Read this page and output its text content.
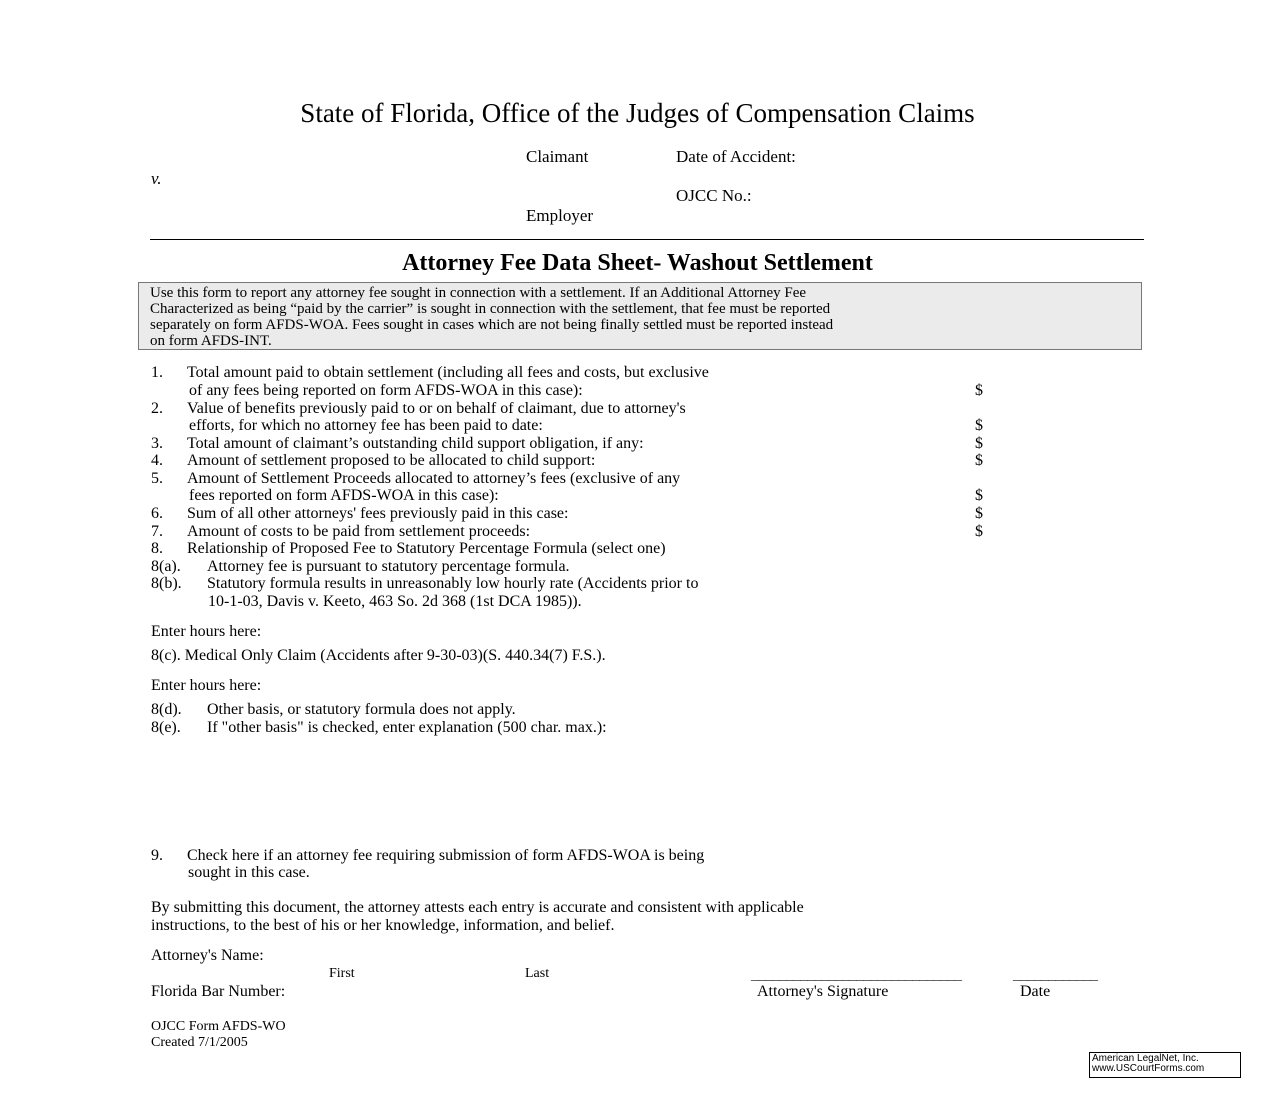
State of Florida, Office of the Judges of Compensation Claims
Claimant	Date of Accident:
v.
OJCC No.:
Employer
Attorney Fee Data Sheet- Washout Settlement
Use this form to report any attorney fee sought in connection with a settlement. If an Additional Attorney Fee
Characterized as being “paid by the carrier” is sought in connection with the settlement, that fee must be reported
separately on form AFDS-WOA. Fees sought in cases which are not being finally settled must be reported instead
on form AFDS-INT.
1. Total amount paid to obtain settlement (including all fees and costs, but exclusive
of any fees being reported on form AFDS-WOA in this case):	$
2. Value of benefits previously paid to or on behalf of claimant, due to attorney's
efforts, for which no attorney fee has been paid to date:	$
3. Total amount of claimant’s outstanding child support obligation, if any:	$
4. Amount of settlement proposed to be allocated to child support:	$
5. Amount of Settlement Proceeds allocated to attorney’s fees (exclusive of any
fees reported on form AFDS-WOA in this case):	$
6. Sum of all other attorneys' fees previously paid in this case:	$
7. Amount of costs to be paid from settlement proceeds:	$
8. Relationship of Proposed Fee to Statutory Percentage Formula (select one)
8(a). Attorney fee is pursuant to statutory percentage formula.
8(b). Statutory formula results in unreasonably low hourly rate (Accidents prior to
10-1-03, Davis v. Keeto, 463 So. 2d 368 (1st DCA 1985)).
Enter hours here:
8(c). Medical Only Claim (Accidents after 9-30-03)(S. 440.34(7) F.S.).
Enter hours here:
8(d). Other basis, or statutory formula does not apply.
8(e). If "other basis" is checked, enter explanation (500 char. max.):
9. Check here if an attorney fee requiring submission of form AFDS-WOA is being
sought in this case.
By submitting this document, the attorney attests each entry is accurate and consistent with applicable
instructions, to the best of his or her knowledge, information, and belief.
Attorney's Name:
First	Last	______________________________	____________
Florida Bar Number:	Attorney's Signature	Date
OJCC Form AFDS-WO
Created 7/1/2005
American LegalNet, Inc.
www.USCourtForms.com
